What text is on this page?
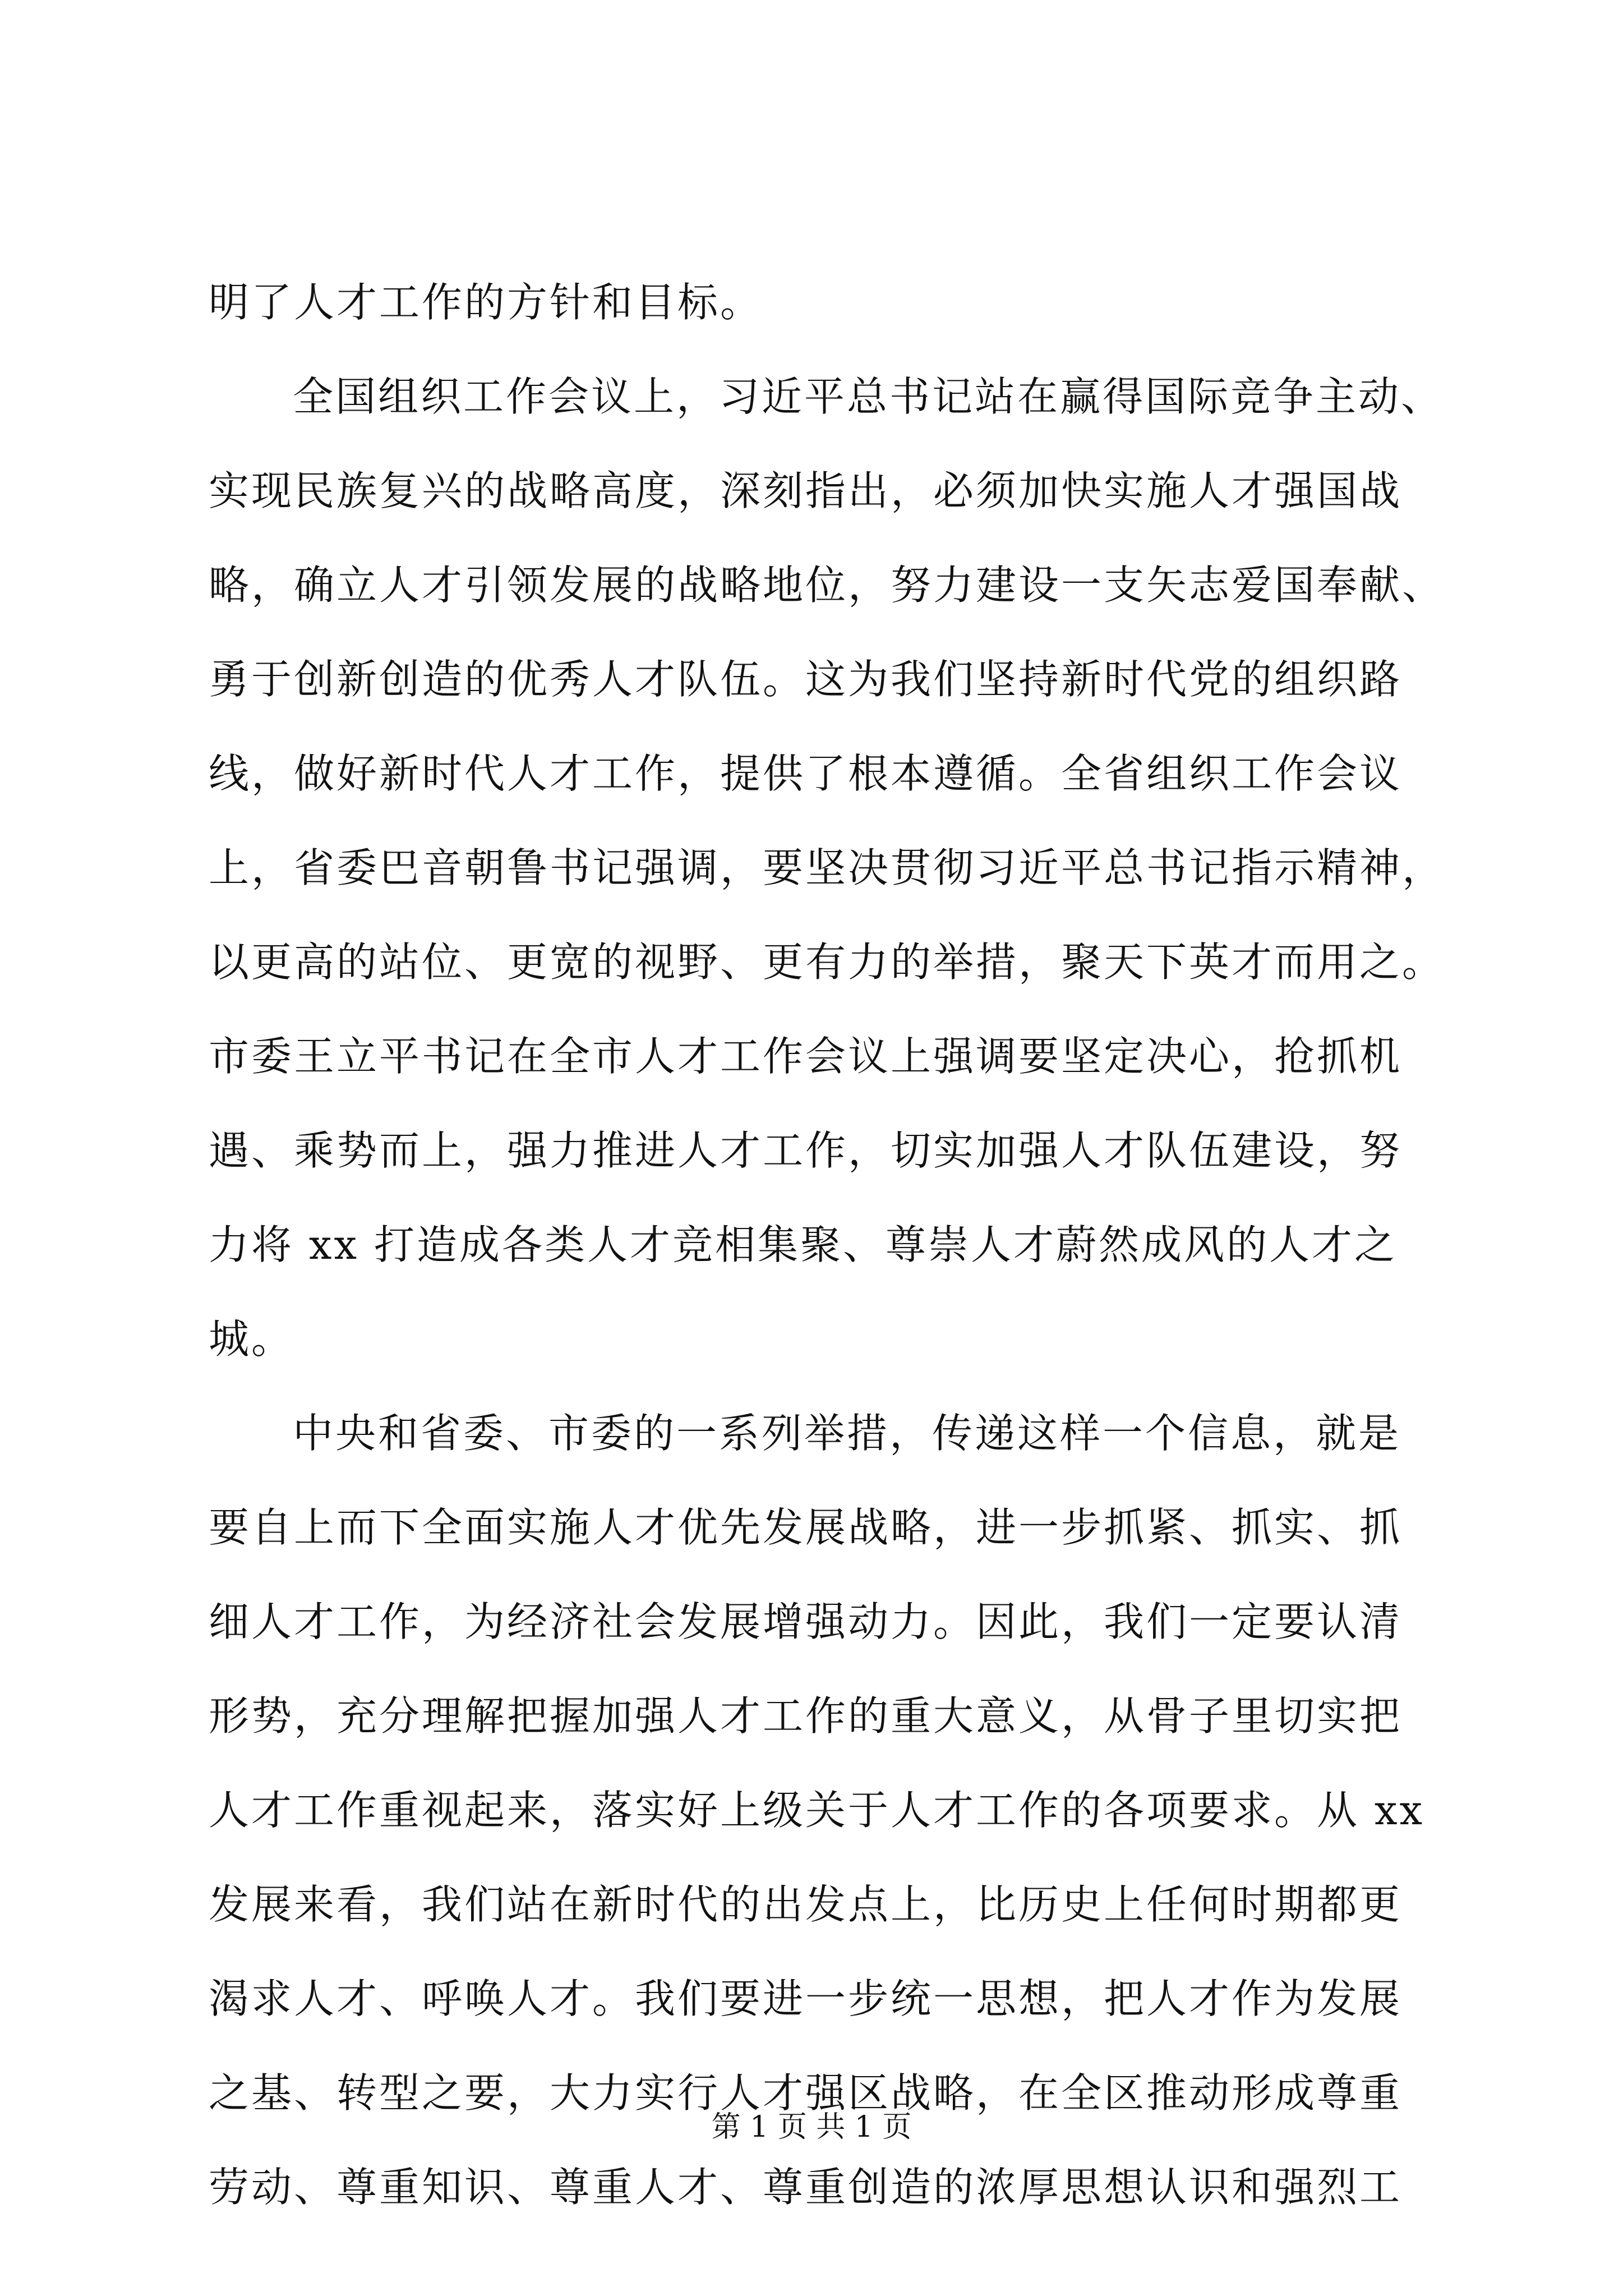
明了人才工作的方针和目标。
全国组织工作会议上，习近平总书记站在赢得国际竞争主动、
实现民族复兴的战略高度，深刻指出，必须加快实施人才强国战
略，确立人才引领发展的战略地位，努力建设一支矢志爱国奉献、
勇于创新创造的优秀人才队伍。这为我们坚持新时代党的组织路
线，做好新时代人才工作，提供了根本遵循。全省组织工作会议
上，省委巴音朝鲁书记强调，要坚决贯彻习近平总书记指示精神，
以更高的站位、更宽的视野、更有力的举措，聚天下英才而用之。
市委王立平书记在全市人才工作会议上强调要坚定决心，抢抓机
遇、乘势而上，强力推进人才工作，切实加强人才队伍建设，努
力将 xx 打造成各类人才竞相集聚、尊崇人才蔚然成风的人才之
城。
中央和省委、市委的一系列举措，传递这样一个信息，就是
要自上而下全面实施人才优先发展战略，进一步抓紧、抓实、抓
细人才工作，为经济社会发展增强动力。因此，我们一定要认清
形势，充分理解把握加强人才工作的重大意义，从骨子里切实把
人才工作重视起来，落实好上级关于人才工作的各项要求。从 xx
发展来看，我们站在新时代的出发点上，比历史上任何时期都更
渴求人才、呼唤人才。我们要进一步统一思想，把人才作为发展
之基、转型之要，大力实行人才强区战略，在全区推动形成尊重
劳动、尊重知识、尊重人才、尊重创造的浓厚思想认识和强烈工
第 1 页 共 1 页
